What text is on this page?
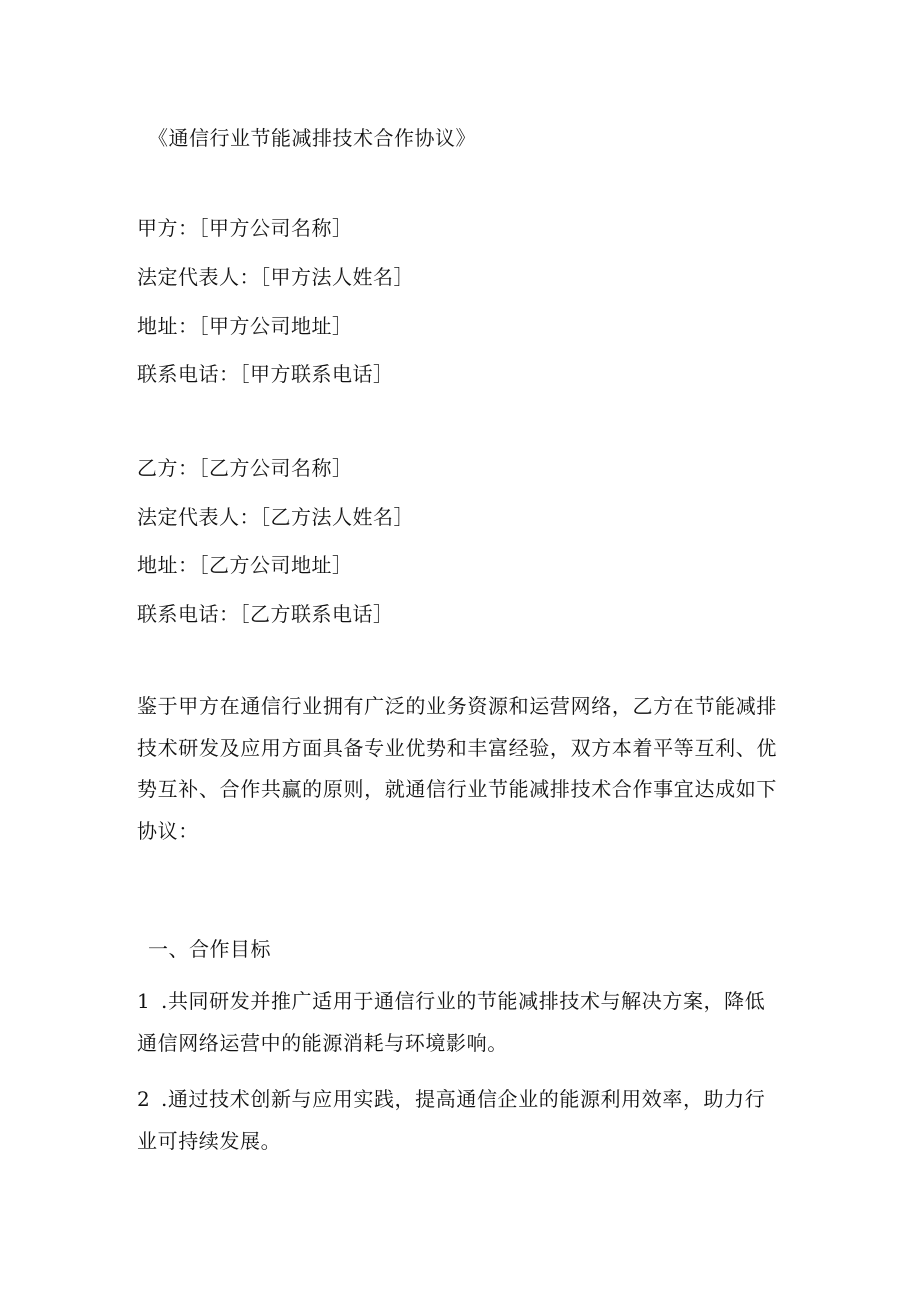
《通信行业节能减排技术合作协议》
甲方：［甲方公司名称］
法定代表人：［甲方法人姓名］
地址：［甲方公司地址］
联系电话：［甲方联系电话］
乙方：［乙方公司名称］
法定代表人：［乙方法人姓名］
地址：［乙方公司地址］
联系电话：［乙方联系电话］
鉴于甲方在通信行业拥有广泛的业务资源和运营网络，乙方在节能减排技术研发及应用方面具备专业优势和丰富经验，双方本着平等互利、优势互补、合作共赢的原则，就通信行业节能减排技术合作事宜达成如下协议：
一、合作目标
1 .共同研发并推广适用于通信行业的节能减排技术与解决方案，降低通信网络运营中的能源消耗与环境影响。
2 .通过技术创新与应用实践，提高通信企业的能源利用效率，助力行业可持续发展。
